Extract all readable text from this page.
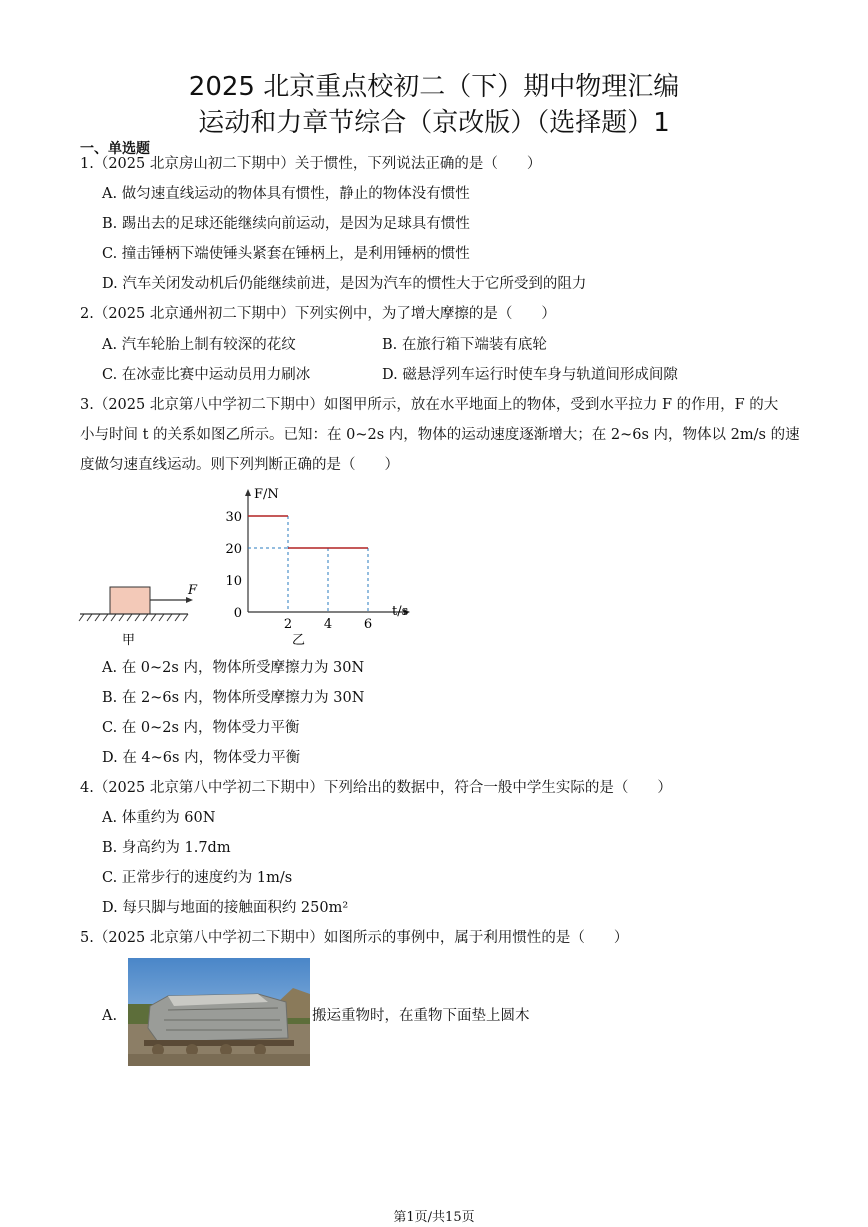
2025 北京重点校初二（下）期中物理汇编
运动和力章节综合（京改版）（选择题）1
一、单选题
1.（2025 北京房山初二下期中）关于惯性，下列说法正确的是（　　）
A. 做匀速直线运动的物体具有惯性，静止的物体没有惯性
B. 踢出去的足球还能继续向前运动，是因为足球具有惯性
C. 撞击锤柄下端使锤头紧套在锤柄上，是利用锤柄的惯性
D. 汽车关闭发动机后仍能继续前进，是因为汽车的惯性大于它所受到的阻力
2.（2025 北京通州初二下期中）下列实例中，为了增大摩擦的是（　　）
A. 汽车轮胎上制有较深的花纹	B. 在旅行箱下端装有底轮
C. 在冰壶比赛中运动员用力刷冰	D. 磁悬浮列车运行时使车身与轨道间形成间隙
3.（2025 北京第八中学初二下期中）如图甲所示，放在水平地面上的物体，受到水平拉力 F 的作用，F 的大
小与时间 t 的关系如图乙所示。已知：在 0~2s 内，物体的运动速度逐渐增大；在 2~6s 内，物体以 2m/s 的速
度做匀速直线运动。则下列判断正确的是（　　）
F
甲
0
10
20
30
2 4 6
F/N
t/s
乙
A. 在 0~2s 内，物体所受摩擦力为 30N
B. 在 2~6s 内，物体所受摩擦力为 30N
C. 在 0~2s 内，物体受力平衡
D. 在 4~6s 内，物体受力平衡
4.（2025 北京第八中学初二下期中）下列给出的数据中，符合一般中学生实际的是（　　）
A. 体重约为 60N
B. 身高约为 1.7dm
C. 正常步行的速度约为 1m/s
D. 每只脚与地面的接触面积约 250m²
5.（2025 北京第八中学初二下期中）如图所示的事例中，属于利用惯性的是（　　）
A.	搬运重物时，在重物下面垫上圆木
第1页/共15页
